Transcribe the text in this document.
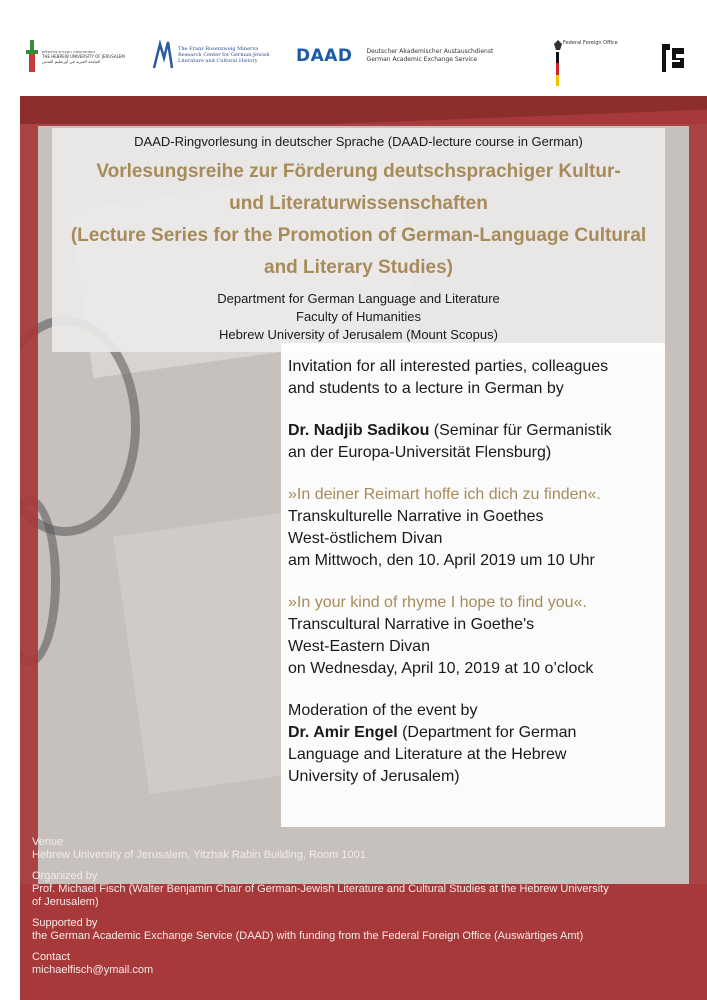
האוניברסיטה העברית בירושלים
THE HEBREW UNIVERSITY OF JERUSALEM
الجامعة العبرية في أورشليم القدس
The Franz Rosenzweig Minerva
Research Center for German-Jewish
Literature and Cultural History	DAAD Deutscher Akademischer Austauschdienst
German Academic Exchange Service
Federal Foreign Office
DAAD-Ringvorlesung in deutscher Sprache (DAAD-lecture course in German)
Vorlesungsreihe zur Förderung deutschsprachiger Kultur-
und Literaturwissenschaften
(Lecture Series for the Promotion of German-Language Cultural
and Literary Studies)
Department for German Language and Literature
Faculty of Humanities
Hebrew University of Jerusalem (Mount Scopus)

Invitation for all interested parties, colleagues

and students to a lecture in German by

Dr. Nadjib Sadikou (Seminar für Germanistik

an der Europa-Universität Flensburg)

»In deiner Reimart hoffe ich dich zu finden«.

Transkulturelle Narrative in Goethes

West-östlichem Divan

am Mittwoch, den 10. April 2019 um 10 Uhr

»In your kind of rhyme I hope to find you«.

Transcultural Narrative in Goethe's

West-Eastern Divan

on Wednesday, April 10, 2019 at 10 o’clock

Moderation of the event by

Dr. Amir Engel (Department for German

Language and Literature at the Hebrew

University of Jerusalem)

Venue
Hebrew University of Jerusalem, Yitzhak Rabin Building, Room 1001
Organized by
Prof. Michael Fisch (Walter Benjamin Chair of German-Jewish Literature and Cultural Studies at the Hebrew University
of Jerusalem)
Supported by
the German Academic Exchange Service (DAAD) with funding from the Federal Foreign Office (Auswärtiges Amt)
Contact
michaelfisch@ymail.com
